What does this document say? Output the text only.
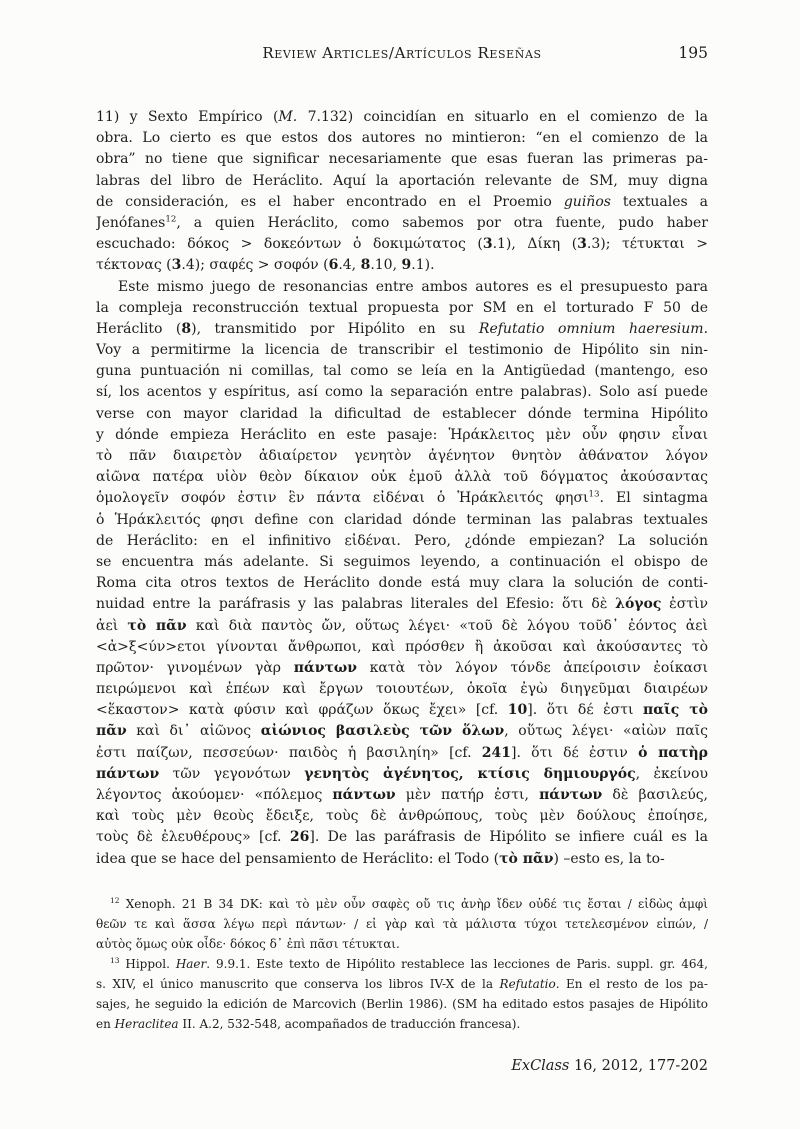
Review Articles/Artículos Reseñas	195
11) y Sexto Empírico (M. 7.132) coincidían en situarlo en el comienzo de la
obra. Lo cierto es que estos dos autores no mintieron: “en el comienzo de la
obra” no tiene que significar necesariamente que esas fueran las primeras pa-
labras del libro de Heráclito. Aquí la aportación relevante de SM, muy digna
de consideración, es el haber encontrado en el Proemio guiños textuales a
Jenófanes$^{12}$, a quien Heráclito, como sabemos por otra fuente, pudo haber
escuchado: δόκος > δοκεόντων ὁ δοκιμώτατος (3.1), Δίκη (3.3); τέτυκται >
τέκτονας (3.4); σαφές > σοφόν (6.4, 8.10, 9.1).
Este mismo juego de resonancias entre ambos autores es el presupuesto para
la compleja reconstrucción textual propuesta por SM en el torturado F 50 de
Heráclito (8), transmitido por Hipólito en su Refutatio omnium haeresium.
Voy a permitirme la licencia de transcribir el testimonio de Hipólito sin nin-
guna puntuación ni comillas, tal como se leía en la Antigüedad (mantengo, eso
sí, los acentos y espíritus, así como la separación entre palabras). Solo así puede
verse con mayor claridad la dificultad de establecer dónde termina Hipólito
y dónde empieza Heráclito en este pasaje: Ἡράκλειτος μὲν οὖν φησιν εἶναι
τὸ πᾶν διαιρετὸν ἀδιαίρετον γενητὸν ἀγένητον θνητὸν ἀθάνατον λόγον
αἰῶνα πατέρα υἱὸν θεὸν δίκαιον οὐκ ἐμοῦ ἀλλὰ τοῦ δόγματος ἀκούσαντας
ὁμολογεῖν σοφόν ἐστιν ἓν πάντα εἰδέναι ὁ Ἡράκλειτός φησι$^{13}$. El sintagma
ὁ Ἡράκλειτός φησι define con claridad dónde terminan las palabras textuales
de Heráclito: en el infinitivo εἰδέναι. Pero, ¿dónde empiezan? La solución
se encuentra más adelante. Si seguimos leyendo, a continuación el obispo de
Roma cita otros textos de Heráclito donde está muy clara la solución de conti-
nuidad entre la paráfrasis y las palabras literales del Efesio: ὅτι δὲ λόγος ἐστὶν
ἀεὶ τὸ πᾶν καὶ διὰ παντὸς ὤν, οὕτως λέγει· «τοῦ δὲ λόγου τοῦδ᾽ ἐόντος ἀεὶ
<ἀ>ξ<ύν>ετοι γίνονται ἄνθρωποι, καὶ πρόσθεν ἢ ἀκοῦσαι καὶ ἀκούσαντες τὸ
πρῶτον· γινομένων γὰρ πάντων κατὰ τὸν λόγον τόνδε ἀπείροισιν ἐοίκασι
πειρώμενοι καὶ ἐπέων καὶ ἔργων τοιουτέων, ὁκοῖα ἐγὼ διηγεῦμαι διαιρέων
<ἕκαστον> κατὰ φύσιν καὶ φράζων ὅκως ἔχει» [cf. 10]. ὅτι δέ ἐστι παῖς τὸ
πᾶν καὶ δι᾽ αἰῶνος αἰώνιος βασιλεὺς τῶν ὅλων, οὕτως λέγει· «αἰὼν παῖς
ἐστι παίζων, πεσσεύων· παιδὸς ἡ βασιληίη» [cf. 241]. ὅτι δέ ἐστιν ὁ πατὴρ
πάντων τῶν γεγονότων γενητὸς ἀγένητος, κτίσις δημιουργός, ἐκείνου
λέγοντος ἀκούομεν· «πόλεμος πάντων μὲν πατήρ ἐστι, πάντων δὲ βασιλεύς,
καὶ τοὺς μὲν θεοὺς ἔδειξε, τοὺς δὲ ἀνθρώπους, τοὺς μὲν δούλους ἐποίησε,
τοὺς δὲ ἐλευθέρους» [cf. 26]. De las paráfrasis de Hipólito se infiere cuál es la
idea que se hace del pensamiento de Heráclito: el Todo (τὸ πᾶν) –esto es, la to-
$^{12}$ Xenoph. 21 B 34 DK: καὶ τὸ μὲν οὖν σαφὲς οὔ τις ἀνὴρ ἴδεν οὐδέ τις ἔσται / εἰδὼς ἀμφὶ
θεῶν τε καὶ ἅσσα λέγω περὶ πάντων· / εἰ γὰρ καὶ τὰ μάλιστα τύχοι τετελεσμένον εἰπών, /
αὐτὸς ὅμως οὐκ οἶδε· δόκος δ᾽ ἐπὶ πᾶσι τέτυκται.
$^{13}$ Hippol. Haer. 9.9.1. Este texto de Hipólito restablece las lecciones de Paris. suppl. gr. 464,
s. XIV, el único manuscrito que conserva los libros IV-X de la Refutatio. En el resto de los pa-
sajes, he seguido la edición de Marcovich (Berlin 1986). (SM ha editado estos pasajes de Hipólito
en Heraclitea II. A.2, 532-548, acompañados de traducción francesa).
ExClass 16, 2012, 177-202
